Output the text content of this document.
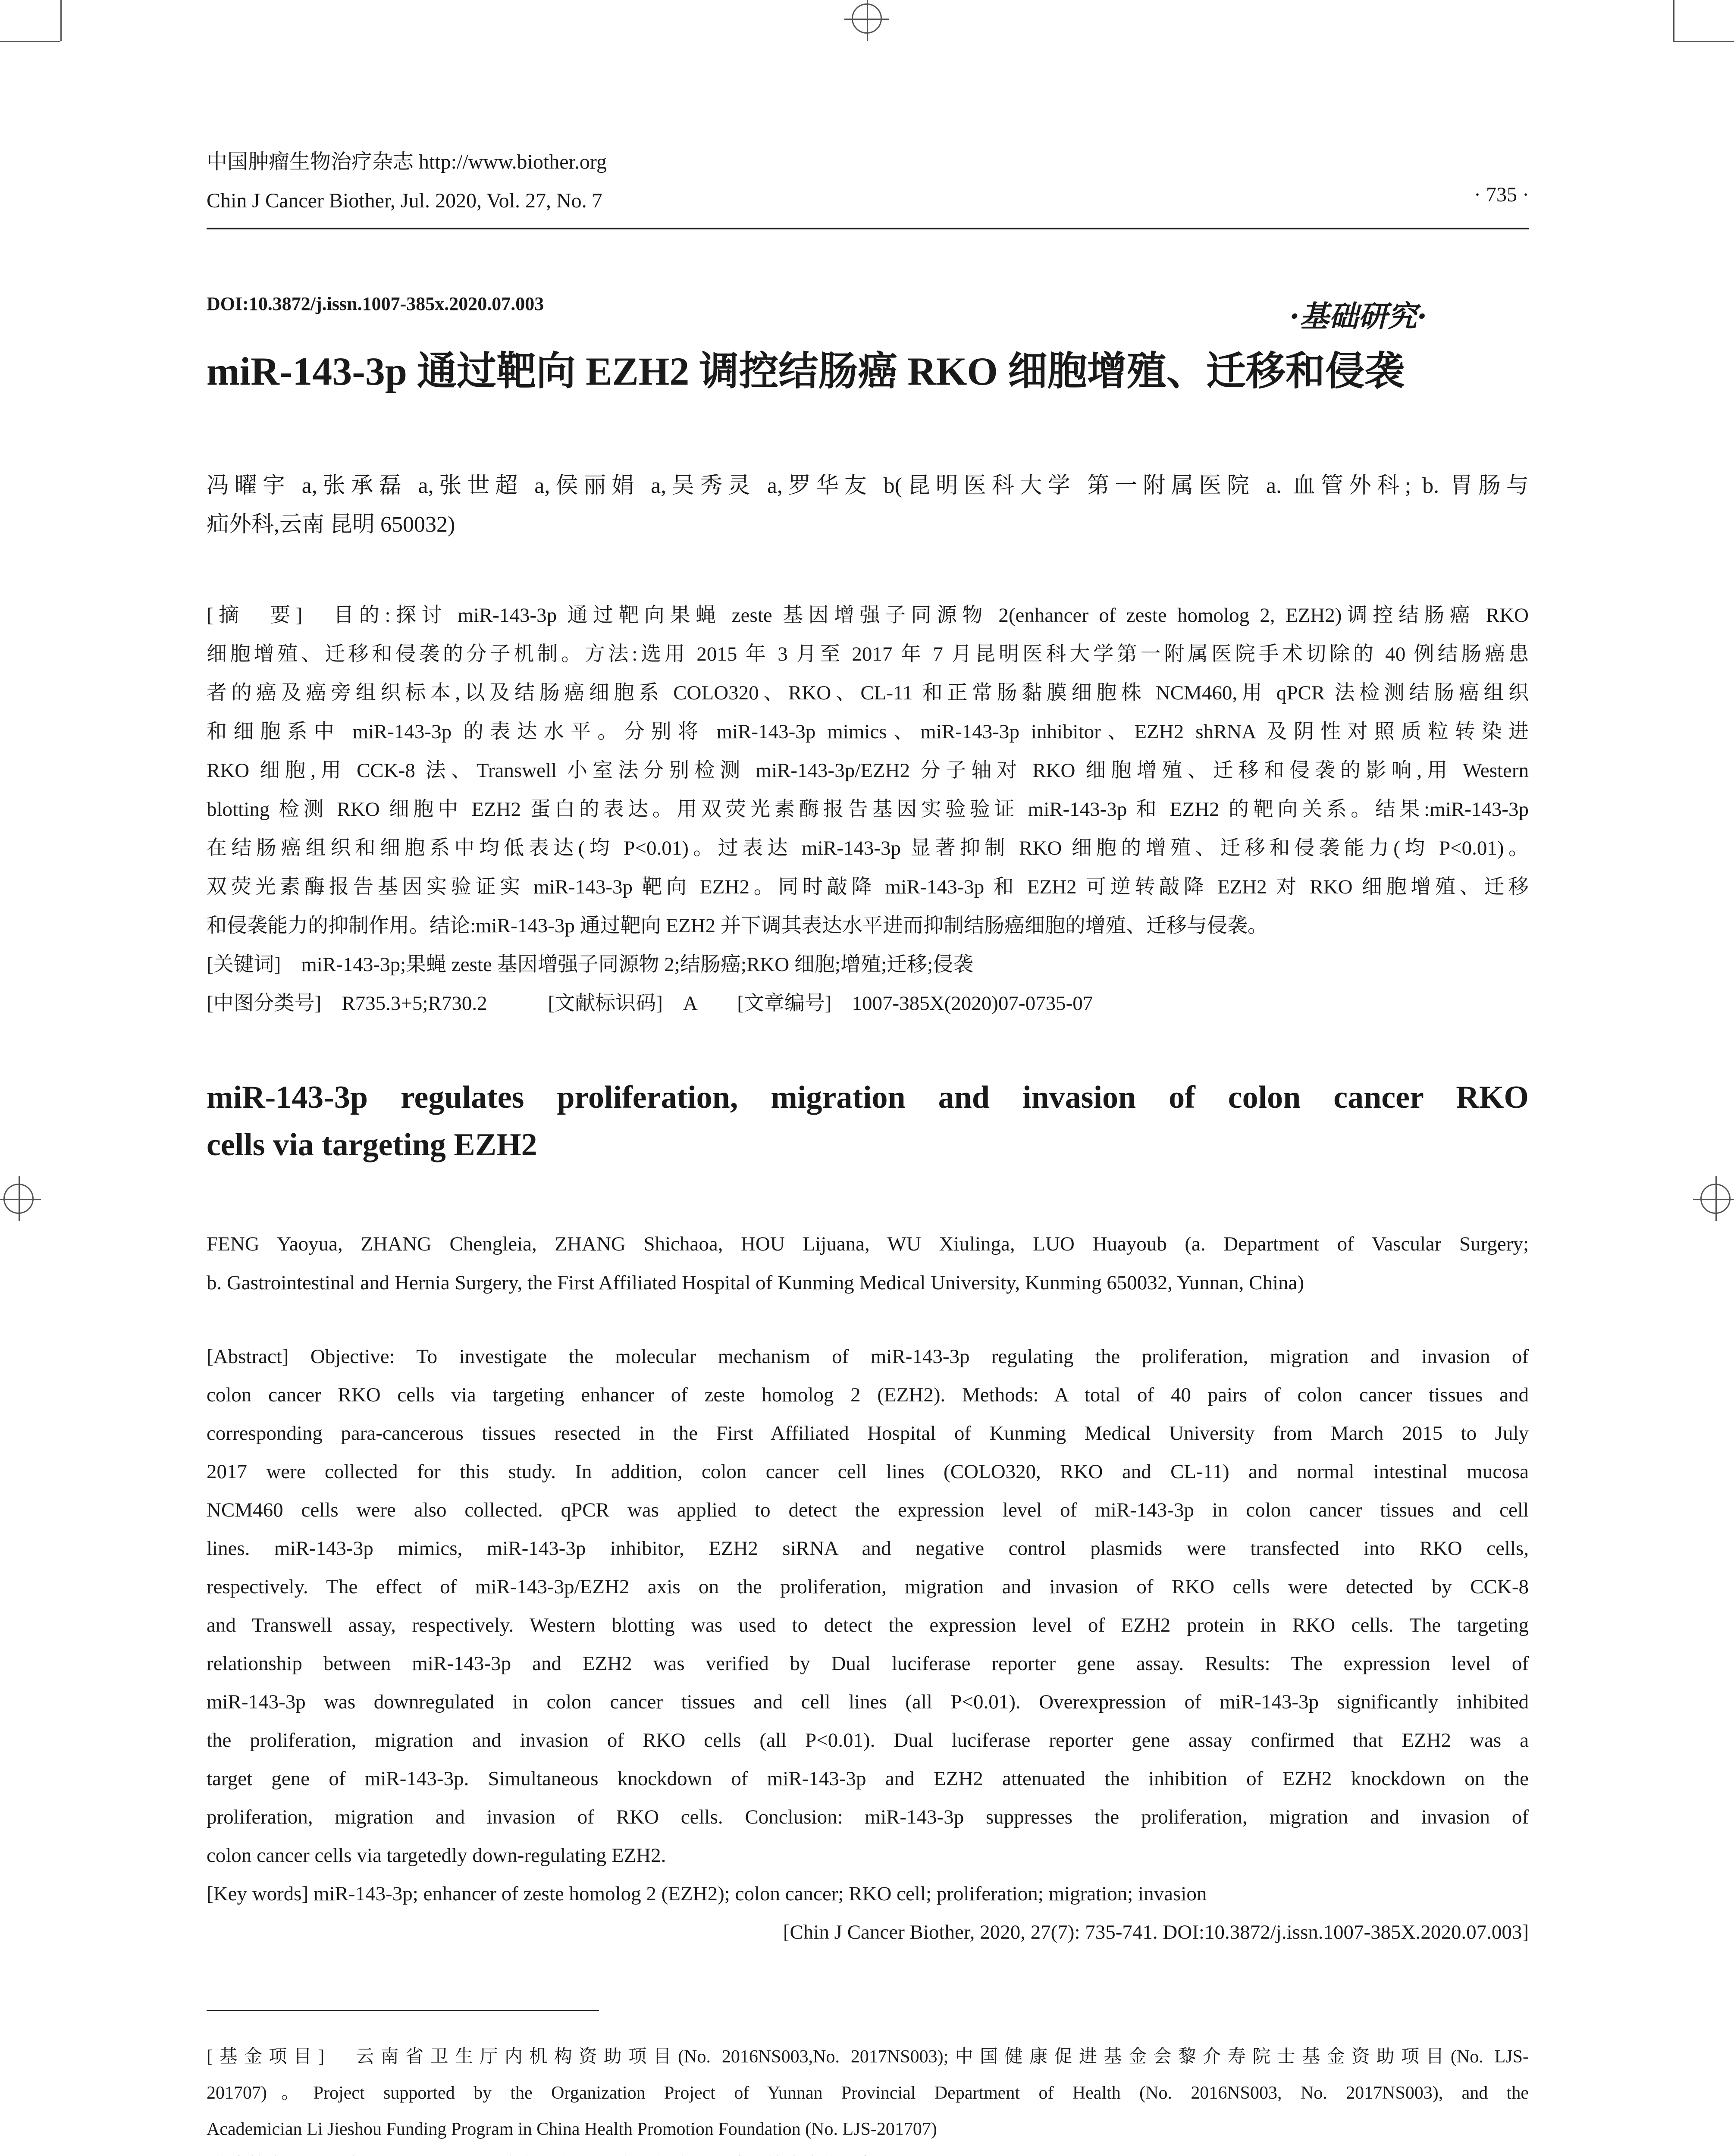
中国肿瘤生物治疗杂志 http://www.biother.org
Chin J Cancer Biother, Jul. 2020, Vol. 27, No. 7	· 735 ·
DOI:10.3872/j.issn.1007-385x.2020.07.003	·基础研究·
miR-143-3p 通过靶向 EZH2 调控结肠癌 RKO 细胞增殖、迁移和侵袭
冯曜宇 a,张承磊 a,张世超 a,侯丽娟 a,吴秀灵 a,罗华友 b(昆明医科大学 第一附属医院 a. 血管外科; b. 胃肠与
疝外科,云南 昆明 650032)
[摘　要]　目的:探讨 miR-143-3p 通过靶向果蝇 zeste 基因增强子同源物 2(enhancer of zeste homolog 2, EZH2)调控结肠癌 RKO
细胞增殖、迁移和侵袭的分子机制。方法:选用 2015 年 3 月至 2017 年 7 月昆明医科大学第一附属医院手术切除的 40 例结肠癌患
者的癌及癌旁组织标本,以及结肠癌细胞系 COLO320、RKO、CL-11 和正常肠黏膜细胞株 NCM460,用 qPCR 法检测结肠癌组织
和细胞系中 miR-143-3p 的表达水平。分别将 miR-143-3p mimics、miR-143-3p inhibitor、EZH2 shRNA 及阴性对照质粒转染进
RKO 细胞,用 CCK-8 法、Transwell 小室法分别检测 miR-143-3p/EZH2 分子轴对 RKO 细胞增殖、迁移和侵袭的影响,用 Western
blotting 检测 RKO 细胞中 EZH2 蛋白的表达。用双荧光素酶报告基因实验验证 miR-143-3p 和 EZH2 的靶向关系。结果:miR-143-3p
在结肠癌组织和细胞系中均低表达(均 P<0.01)。过表达 miR-143-3p 显著抑制 RKO 细胞的增殖、迁移和侵袭能力(均 P<0.01)。
双荧光素酶报告基因实验证实 miR-143-3p 靶向 EZH2。同时敲降 miR-143-3p 和 EZH2 可逆转敲降 EZH2 对 RKO 细胞增殖、迁移
和侵袭能力的抑制作用。结论:miR-143-3p 通过靶向 EZH2 并下调其表达水平进而抑制结肠癌细胞的增殖、迁移与侵袭。
[关键词]　miR-143-3p;果蝇 zeste 基因增强子同源物 2;结肠癌;RKO 细胞;增殖;迁移;侵袭
[中图分类号]　R735.3+5;R730.2　　　[文献标识码]　A　　[文章编号]　1007-385X(2020)07-0735-07
miR-143-3p regulates proliferation, migration and invasion of colon cancer RKO
cells via targeting EZH2
FENG Yaoyua, ZHANG Chengleia, ZHANG Shichaoa, HOU Lijuana, WU Xiulinga, LUO Huayoub (a. Department of Vascular Surgery;
b. Gastrointestinal and Hernia Surgery, the First Affiliated Hospital of Kunming Medical University, Kunming 650032, Yunnan, China)
[Abstract] Objective: To investigate the molecular mechanism of miR-143-3p regulating the proliferation, migration and invasion of
colon cancer RKO cells via targeting enhancer of zeste homolog 2 (EZH2). Methods: A total of 40 pairs of colon cancer tissues and
corresponding para-cancerous tissues resected in the First Affiliated Hospital of Kunming Medical University from March 2015 to July
2017 were collected for this study. In addition, colon cancer cell lines (COLO320, RKO and CL-11) and normal intestinal mucosa
NCM460 cells were also collected. qPCR was applied to detect the expression level of miR-143-3p in colon cancer tissues and cell
lines. miR-143-3p mimics, miR-143-3p inhibitor, EZH2 siRNA and negative control plasmids were transfected into RKO cells,
respectively. The effect of miR-143-3p/EZH2 axis on the proliferation, migration and invasion of RKO cells were detected by CCK-8
and Transwell assay, respectively. Western blotting was used to detect the expression level of EZH2 protein in RKO cells. The targeting
relationship between miR-143-3p and EZH2 was verified by Dual luciferase reporter gene assay. Results: The expression level of
miR-143-3p was downregulated in colon cancer tissues and cell lines (all P<0.01). Overexpression of miR-143-3p significantly inhibited
the proliferation, migration and invasion of RKO cells (all P<0.01). Dual luciferase reporter gene assay confirmed that EZH2 was a
target gene of miR-143-3p. Simultaneous knockdown of miR-143-3p and EZH2 attenuated the inhibition of EZH2 knockdown on the
proliferation, migration and invasion of RKO cells. Conclusion: miR-143-3p suppresses the proliferation, migration and invasion of
colon cancer cells via targetedly down-regulating EZH2.
[Key words] miR-143-3p; enhancer of zeste homolog 2 (EZH2); colon cancer; RKO cell; proliferation; migration; invasion
[Chin J Cancer Biother, 2020, 27(7): 735-741. DOI:10.3872/j.issn.1007-385X.2020.07.003]
[基金项目]　云南省卫生厅内机构资助项目(No. 2016NS003,No. 2017NS003);中国健康促进基金会黎介寿院士基金资助项目(No. LJS-
201707)。Project supported by the Organization Project of Yunnan Provincial Department of Health (No. 2016NS003, No. 2017NS003), and the
Academician Li Jieshou Funding Program in China Health Promotion Foundation (No. LJS-201707)
